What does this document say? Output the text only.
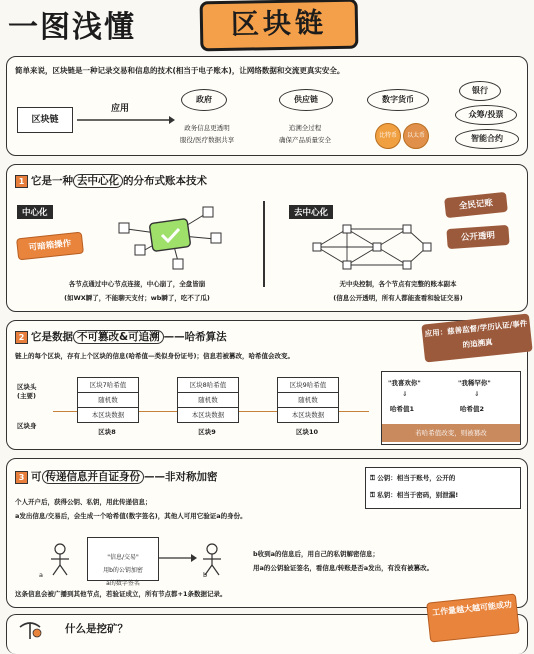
一图浅懂	区块链
简单来说，区块链是一种记录交易和信息的技术(相当于电子账本)，让网络数据和交流更真实安全。
区块链
应用
政府
政务信息更透明
服役/医疗数据共享
供应链
追溯全过程
确保产品质量安全
数字货币
比特币	以太币
银行
众筹/投票
智能合约
1 它是一种 去中心化 的分布式账本技术
中心化
可暗箱操作
去中心化
全民记账
公开透明
各节点通过中心节点连接，中心崩了，全盘皆崩
(如WX瞬了，不能聊天支付；wb瞬了，吃不了瓜)
无中央控制，各个节点有完整的账本副本
(信息公开透明，所有人都能查看和验证交易)
2 它是数据 不可篡改&可追溯 ——哈希算法	应用：慈善监督/学历认证/事件的追溯真
链上的每个区块，存有上个区块的信息(哈希值—类似身份证号)；信息若被篡改，哈希值会改变。
区块头
(主要)
区块身
区块7哈希值
随机数
本区块数据
区块8
区块8哈希值
随机数
本区块数据
区块9
区块9哈希值
随机数
本区块数据
区块10
"我喜欢你"	"我稀罕你"
⇓	⇓
哈希值1	哈希值2
若哈希值改变，则被篡改
3 可 传递信息并自证身份 ——非对称加密	⚿ 公钥：相当于账号，公开的
⚿ 私钥：相当于密码，别泄漏!
个人开户后，获得公钥、私钥，用此传递信息；
a发出信息/交易后，会生成一个哈希值(数字签名)，其他人可用它验证a的身份。
a

"信息/交易"
用b的公钥加密
a的数字签名

b
b收到a的信息后，用自己的私钥解密信息；
用a的公钥验证签名，看信息/转账是否a发出，有没有被篡改。
这条信息会被广播到其他节点，若验证成立，所有节点都+1条数据记录。
工作量越大越可能成功
什么是挖矿？
